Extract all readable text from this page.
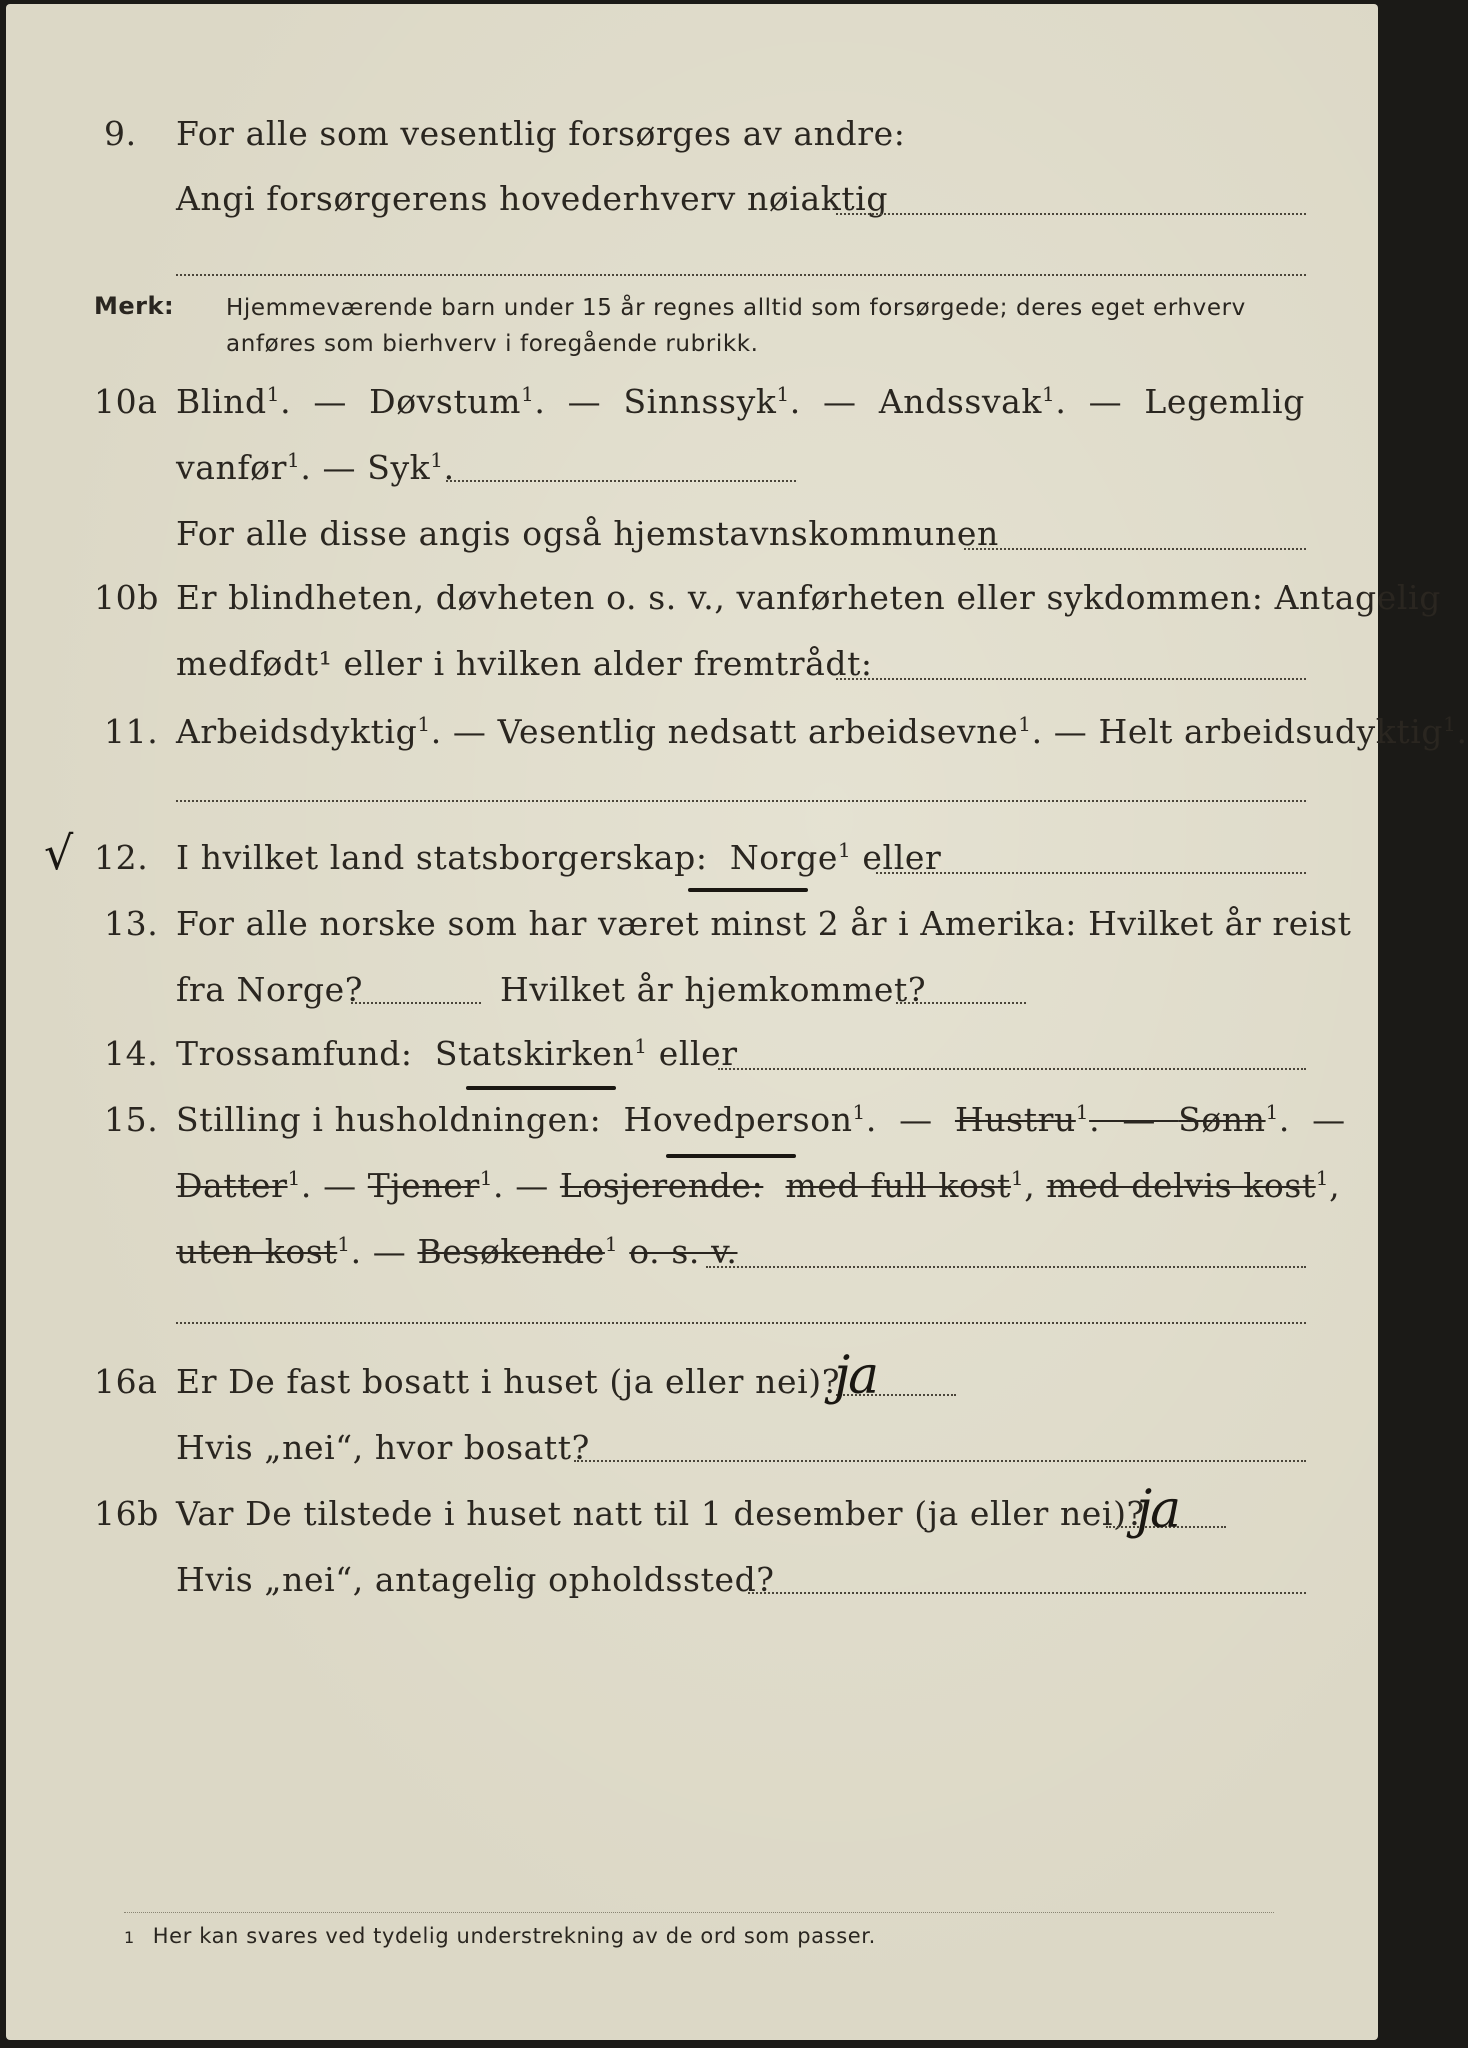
9. For alle som vesentlig forsørges av andre:
Angi forsørgerens hovederhverv nøiaktig
Merk: Hjemmeværende barn under 15 år regnes alltid som forsørgede; deres eget erhverv
anføres som bierhverv i foregående rubrikk.
10a Blind$^1$.  —  Døvstum$^1$.  —  Sinnssyk$^1$.  —  Andssvak$^1$.  —  Legemlig
vanfør$^1$. — Syk$^1$.
For alle disse angis også hjemstavnskommunen
10b Er blindheten, døvheten o. s. v., vanførheten eller sykdommen: Antagelig
medfødt¹ eller i hvilken alder fremtrådt:
11. Arbeidsdyktig$^1$. — Vesentlig nedsatt arbeidsevne$^1$. — Helt arbeidsudyktig$^1$.
√ 12. I hvilket land statsborgerskap: Norge$^1$ eller
13. For alle norske som har været minst 2 år i Amerika: Hvilket år reist
fra Norge?	Hvilket år hjemkommet?
14. Trossamfund: Statskirken$^1$ eller
15. Stilling i husholdningen: Hovedperson$^1$.  —  Hustru$^1$.  —  Sønn$^1$.  —
Datter$^1$. — Tjener$^1$. — Losjerende: med full kost$^1$, med delvis kost$^1$,
uten kost$^1$. — Besøkende$^1$ o. s. v.
16a Er De fast bosatt i huset (ja eller nei)?
ja
Hvis „nei“, hvor bosatt?
16b Var De tilstede i huset natt til 1 desember (ja eller nei)?
ja
Hvis „nei“, antagelig opholdssted?
1 Her kan svares ved tydelig understrekning av de ord som passer.
